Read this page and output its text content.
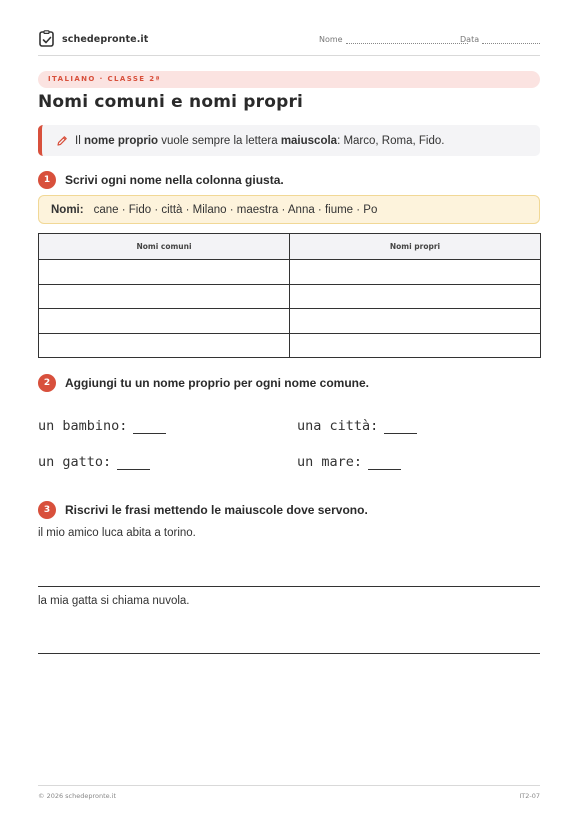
schedepronte.it	Nome	Data
ITALIANO · CLASSE 2ª
Nomi comuni e nomi propri
Il nome proprio vuole sempre la lettera maiuscola: Marco, Roma, Fido.
1	Scrivi ogni nome nella colonna giusta.
Nomi: cane · Fido · città · Milano · maestra · Anna · fiume · Po
Nomi comuni	Nomi propri

2	Aggiungi tu un nome proprio per ogni nome comune.
un bambino:	una città:
un gatto:	un mare:
3	Riscrivi le frasi mettendo le maiuscole dove servono.
il mio amico luca abita a torino.
la mia gatta si chiama nuvola.
© 2026 schedepronte.it	IT2-07
